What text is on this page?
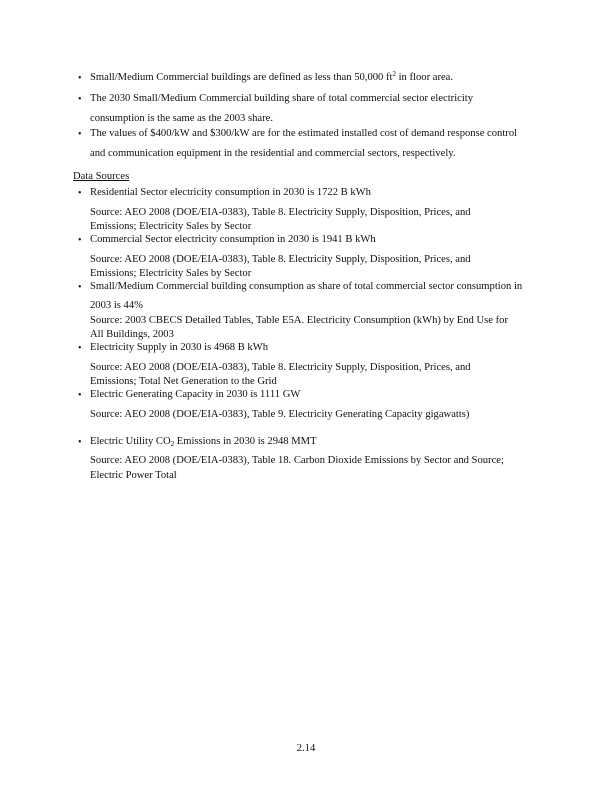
Data Sources
2.14
• Small/Medium Commercial buildings are defined as less than 50,000 $ft^2$ in floor area.
• The 2030 Small/Medium Commercial building share of total commercial sector electricity
consumption is the same as the 2003 share.
• The values of $400/kW and $300/kW are for the estimated installed cost of demand response control
and communication equipment in the residential and commercial sectors, respectively.
• Residential Sector electricity consumption in 2030 is 1722 B kWh
Source: AEO 2008 (DOE/EIA-0383), Table 8. Electricity Supply, Disposition, Prices, and
Emissions; Electricity Sales by Sector
• Commercial Sector electricity consumption in 2030 is 1941 B kWh
Source: AEO 2008 (DOE/EIA-0383), Table 8. Electricity Supply, Disposition, Prices, and
Emissions; Electricity Sales by Sector
• Small/Medium Commercial building consumption as share of total commercial sector consumption in
2003 is 44%
Source: 2003 CBECS Detailed Tables, Table E5A. Electricity Consumption (kWh) by End Use for
All Buildings, 2003
• Electricity Supply in 2030 is 4968 B kWh
Source: AEO 2008 (DOE/EIA-0383), Table 8. Electricity Supply, Disposition, Prices, and
Emissions; Total Net Generation to the Grid
• Electric Generating Capacity in 2030 is 1111 GW
Source: AEO 2008 (DOE/EIA-0383), Table 9. Electricity Generating Capacity gigawatts)
• Electric Utility $CO_2$ Emissions in 2030 is 2948 MMT
Source: AEO 2008 (DOE/EIA-0383), Table 18. Carbon Dioxide Emissions by Sector and Source;
Electric Power Total
